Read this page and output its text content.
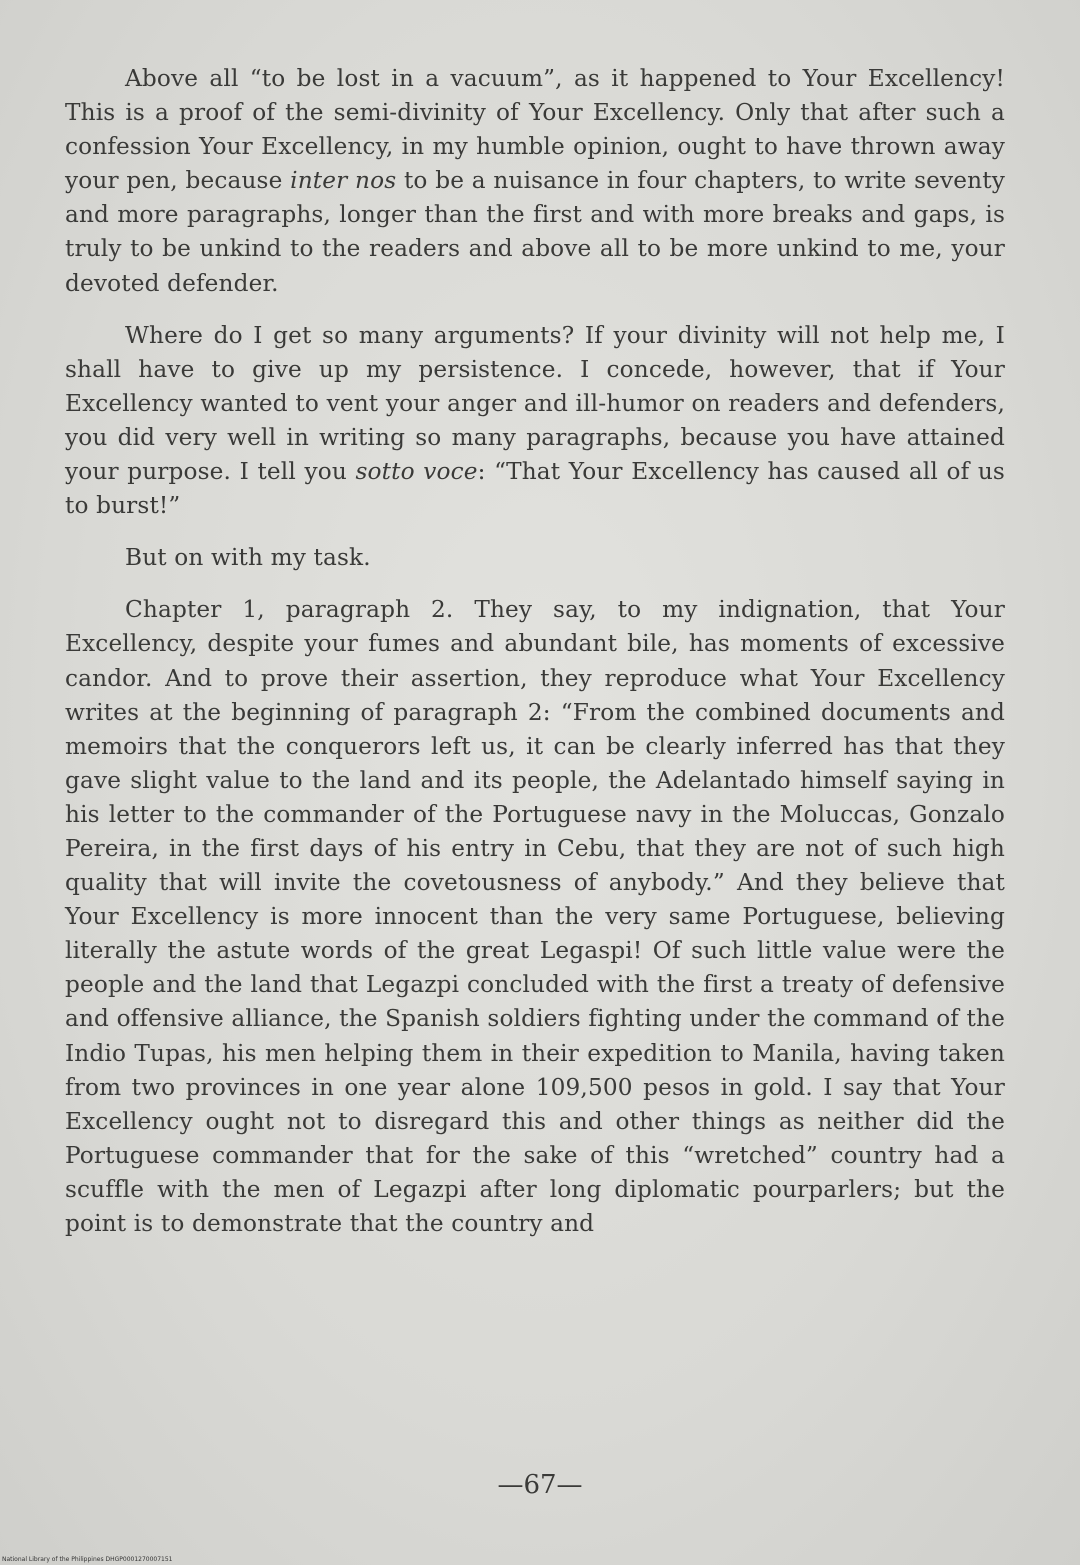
Above all “to be lost in a vacuum”, as it happened to Your Excellency! This is a proof of the semi-divinity of Your Excellency. Only that after such a confession Your Excellency, in my humble opinion, ought to have thrown away your pen, because inter nos to be a nuisance in four chapters, to write seventy and more paragraphs, longer than the first and with more breaks and gaps, is truly to be unkind to the readers and above all to be more unkind to me, your devoted defender.

Where do I get so many arguments? If your divinity will not help me, I shall have to give up my persistence. I concede, however, that if Your Excellency wanted to vent your anger and ill-humor on readers and defenders, you did very well in writing so many paragraphs, because you have attained your purpose. I tell you sotto voce: “That Your Excellency has caused all of us to burst!”

But on with my task.

Chapter 1, paragraph 2. They say, to my indignation, that Your Excellency, despite your fumes and abundant bile, has moments of excessive candor. And to prove their assertion, they reproduce what Your Excellency writes at the beginning of paragraph 2: “From the combined documents and memoirs that the conquerors left us, it can be clearly inferred has that they gave slight value to the land and its people, the Adelantado himself saying in his letter to the commander of the Portuguese navy in the Moluccas, Gonzalo Pereira, in the first days of his entry in Cebu, that they are not of such high quality that will invite the covetousness of anybody.” And they believe that Your Excellency is more innocent than the very same Portuguese, believing literally the astute words of the great Legaspi! Of such little value were the people and the land that Legazpi concluded with the first a treaty of defensive and offensive alliance, the Spanish soldiers fighting under the command of the Indio Tupas, his men helping them in their expedition to Manila, having taken from two provinces in one year alone 109,500 pesos in gold. I say that Your Excellency ought not to disregard this and other things as neither did the Portuguese commander that for the sake of this “wretched” country had a scuffle with the men of Legazpi after long diplomatic pourparlers; but the point is to demonstrate that the country and

—67—
National Library of the Philippines DHGP0001270007151
